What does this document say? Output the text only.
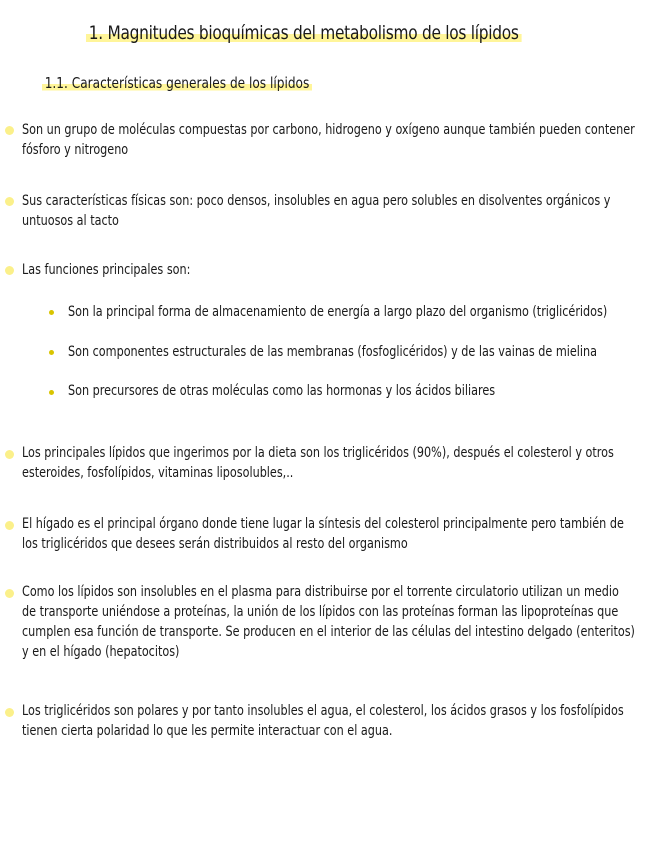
1. Magnitudes bioquímicas del metabolismo de los lípidos
1.1. Características generales de los lípidos
Son un grupo de moléculas compuestas por carbono, hidrogeno y oxígeno aunque también pueden contener fósforo y nitrogeno
Sus características físicas son: poco densos, insolubles en agua pero solubles en disolventes orgánicos y untuosos al tacto
Las funciones principales son:
Son la principal forma de almacenamiento de energía a largo plazo del organismo (triglicéridos)
Son componentes estructurales de las membranas (fosfoglicéridos) y de las vainas de mielina
Son precursores de otras moléculas como las hormonas y los ácidos biliares
Los principales lípidos que ingerimos por la dieta son los triglicéridos (90%), después el colesterol y otros esteroides, fosfolípidos, vitaminas liposolubles,..
El hígado es el principal órgano donde tiene lugar la síntesis del colesterol principalmente pero también de los triglicéridos que desees serán distribuidos al resto del organismo
Como los lípidos son insolubles en el plasma para distribuirse por el torrente circulatorio utilizan un medio de transporte uniéndose a proteínas, la unión de los lípidos con las proteínas forman las lipoproteínas que cumplen esa función de transporte. Se producen en el interior de las células del intestino delgado (enteritos) y en el hígado (hepatocitos)
Los triglicéridos son polares y por tanto insolubles el agua, el colesterol, los ácidos grasos y los fosfolípidos tienen cierta polaridad lo que les permite interactuar con el agua.
